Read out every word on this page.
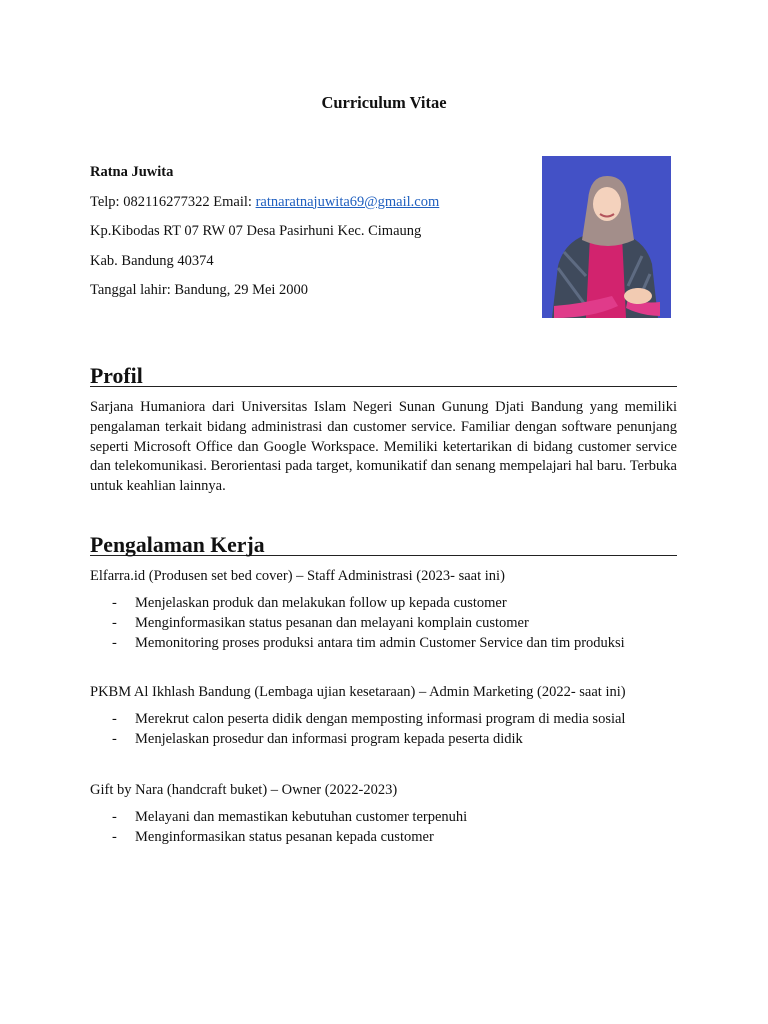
Curriculum Vitae

Ratna Juwita

Telp: 082116277322 Email: ratnaratnajuwita69@gmail.com

Kp.Kibodas RT 07 RW 07 Desa Pasirhuni Kec. Cimaung

Kab. Bandung 40374

Tanggal lahir: Bandung, 29 Mei 2000

Profil

Sarjana Humaniora dari Universitas Islam Negeri Sunan Gunung Djati Bandung yang memiliki pengalaman terkait bidang administrasi dan customer service. Familiar dengan software penunjang seperti Microsoft Office dan Google Workspace. Memiliki ketertarikan di bidang customer service dan telekomunikasi. Berorientasi pada target, komunikatif dan senang mempelajari hal baru. Terbuka untuk keahlian lainnya.

Pengalaman Kerja

Elfarra.id (Produsen set bed cover) – Staff Administrasi (2023- saat ini)

- Menjelaskan produk dan melakukan follow up kepada customer
- Menginformasikan status pesanan dan melayani komplain customer
- Memonitoring proses produksi antara tim admin Customer Service dan tim produksi

PKBM Al Ikhlash Bandung (Lembaga ujian kesetaraan) – Admin Marketing (2022- saat ini)

- Merekrut calon peserta didik dengan memposting informasi program di media sosial
- Menjelaskan prosedur dan informasi program kepada peserta didik

Gift by Nara (handcraft buket) – Owner (2022-2023)

- Melayani dan memastikan kebutuhan customer terpenuhi
- Menginformasikan status pesanan kepada customer
